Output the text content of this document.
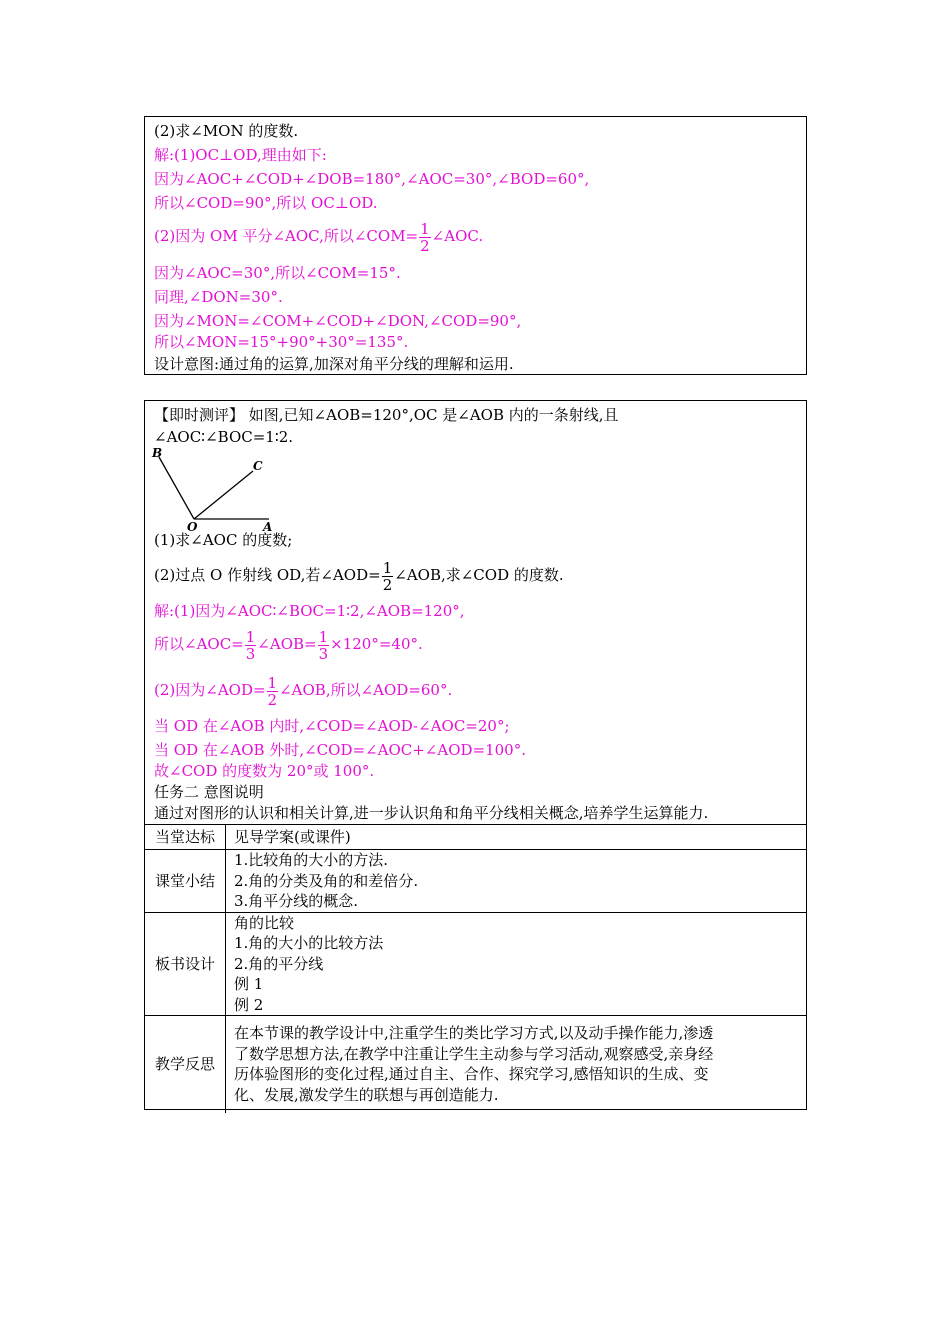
(2)求∠MON 的度数.
解:(1)OC⊥OD,理由如下:
因为∠AOC+∠COD+∠DOB=180°,∠AOC=30°,∠BOD=60°,
所以∠COD=90°,所以 OC⊥OD.
(2)因为 OM 平分∠AOC,所以∠COM= $\frac{1}{2}$ ∠AOC.
因为∠AOC=30°,所以∠COM=15°.
同理,∠DON=30°.
因为∠MON=∠COM+∠COD+∠DON,∠COD=90°,
所以∠MON=15°+90°+30°=135°.
设计意图:通过角的运算,加深对角平分线的理解和运用.
【即时测评】 如图,已知∠AOB=120°,OC 是∠AOB 内的一条射线,且
∠AOC∶∠BOC=1∶2.
B
C
O	A
(1)求∠AOC 的度数;
(2)过点 O 作射线 OD,若∠AOD= $\frac{1}{2}$ ∠AOB,求∠COD 的度数.
解:(1)因为∠AOC∶∠BOC=1∶2,∠AOB=120°,
所以∠AOC= $\frac{1}{3}$ ∠AOB= $\frac{1}{3} \times 120^\circ=40^\circ$.
(2)因为∠AOD= $\frac{1}{2}$ ∠AOB,所以∠AOD=60°.
当 OD 在∠AOB 内时,∠COD=∠AOD-∠AOC=20°;
当 OD 在∠AOB 外时,∠COD=∠AOC+∠AOD=100°.
故∠COD 的度数为 20°或 100°.
任务二 意图说明
通过对图形的认识和相关计算,进一步认识角和角平分线相关概念,培养学生运算能力.
当堂达标	见导学案(或课件)
课堂小结	1.比较角的大小的方法.
2.角的分类及角的和差倍分.
3.角平分线的概念.

板书设计	角的比较
1.角的大小的比较方法
2.角的平分线
例 1
例 2

教学反思	在本节课的教学设计中,注重学生的类比学习方式,以及动手操作能力,渗透
了数学思想方法,在教学中注重让学生主动参与学习活动,观察感受,亲身经
历体验图形的变化过程,通过自主、合作、探究学习,感悟知识的生成、变
化、发展,激发学生的联想与再创造能力.
